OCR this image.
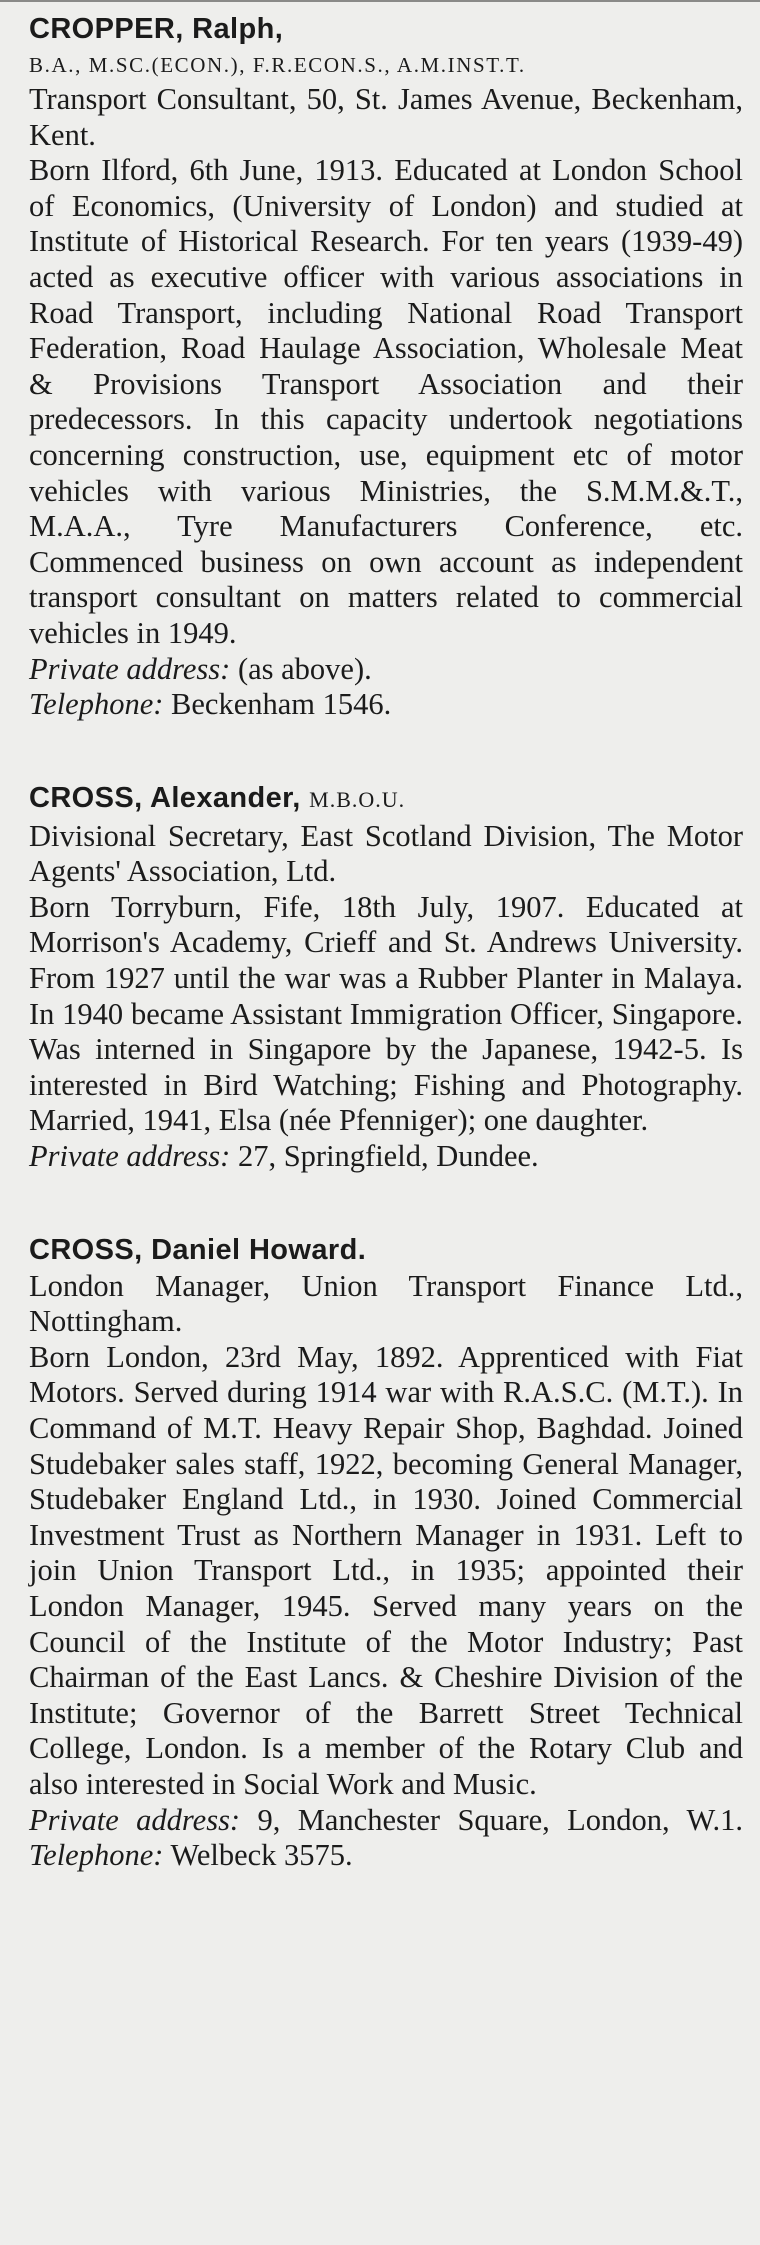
CROPPER, Ralph,

B.A., M.SC.(ECON.), F.R.ECON.S., A.M.INST.T.

Transport Consultant, 50, St. James Avenue, Beckenham, Kent.

Born Ilford, 6th June, 1913. Educated at London School of Economics, (University of London) and studied at Institute of Historical Research. For ten years (1939-49) acted as executive officer with various associations in Road Transport, including National Road Transport Federation, Road Haulage Association, Wholesale Meat & Provisions Transport Association and their predecessors. In this capacity undertook negotiations concerning construction, use, equipment etc of motor vehicles with various Ministries, the S.M.M.&.T., M.A.A., Tyre Manufacturers Conference, etc. Commenced business on own account as independent transport consultant on matters related to commercial vehicles in 1949.

Private address: (as above).

Telephone: Beckenham 1546.

CROSS, Alexander, M.B.O.U.

Divisional Secretary, East Scotland Division, The Motor Agents' Association, Ltd.

Born Torryburn, Fife, 18th July, 1907. Educated at Morrison's Academy, Crieff and St. Andrews University. From 1927 until the war was a Rubber Planter in Malaya. In 1940 became Assistant Immigration Officer, Singapore. Was interned in Singapore by the Japanese, 1942-5. Is interested in Bird Watching; Fishing and Photography. Married, 1941, Elsa (née Pfenniger); one daughter.

Private address: 27, Springfield, Dundee.

CROSS, Daniel Howard.

London Manager, Union Transport Finance Ltd., Nottingham.

Born London, 23rd May, 1892. Apprenticed with Fiat Motors. Served during 1914 war with R.A.S.C. (M.T.). In Command of M.T. Heavy Repair Shop, Baghdad. Joined Studebaker sales staff, 1922, becoming General Manager, Studebaker England Ltd., in 1930. Joined Commercial Investment Trust as Northern Manager in 1931. Left to join Union Transport Ltd., in 1935; appointed their London Manager, 1945. Served many years on the Council of the Institute of the Motor Industry; Past Chairman of the East Lancs. & Cheshire Division of the Institute; Governor of the Barrett Street Technical College, London. Is a member of the Rotary Club and also interested in Social Work and Music.

Private address: 9, Manchester Square, London, W.1. Telephone: Welbeck 3575.
